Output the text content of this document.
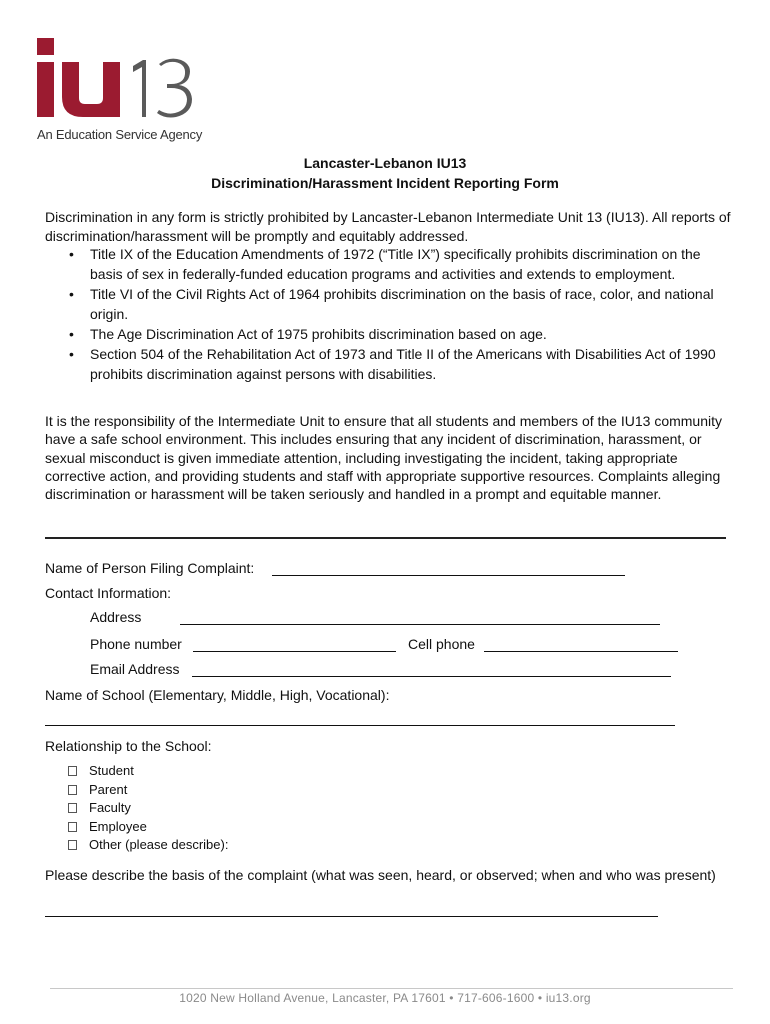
An Education Service Agency
Lancaster-Lebanon IU13
Discrimination/Harassment Incident Reporting Form
Discrimination in any form is strictly prohibited by Lancaster-Lebanon Intermediate Unit 13 (IU13). All reports of discrimination/harassment will be promptly and equitably addressed.
• Title IX of the Education Amendments of 1972 (“Title IX”) specifically prohibits discrimination on the basis of sex in federally-funded education programs and activities and extends to employment.
• Title VI of the Civil Rights Act of 1964 prohibits discrimination on the basis of race, color, and national origin.
• The Age Discrimination Act of 1975 prohibits discrimination based on age.
• Section 504 of the Rehabilitation Act of 1973 and Title II of the Americans with Disabilities Act of 1990 prohibits discrimination against persons with disabilities.
It is the responsibility of the Intermediate Unit to ensure that all students and members of the IU13 community have a safe school environment. This includes ensuring that any incident of discrimination, harassment, or sexual misconduct is given immediate attention, including investigating the incident, taking appropriate corrective action, and providing students and staff with appropriate supportive resources. Complaints alleging discrimination or harassment will be taken seriously and handled in a prompt and equitable manner.
Name of Person Filing Complaint:
Contact Information:
Address
Phone number	Cell phone
Email Address
Name of School (Elementary, Middle, High, Vocational):
Relationship to the School:
Student
Parent
Faculty
Employee
Other (please describe):
Please describe the basis of the complaint (what was seen, heard, or observed; when and who was present)
1020 New Holland Avenue, Lancaster, PA 17601 • 717-606-1600 • iu13.org
